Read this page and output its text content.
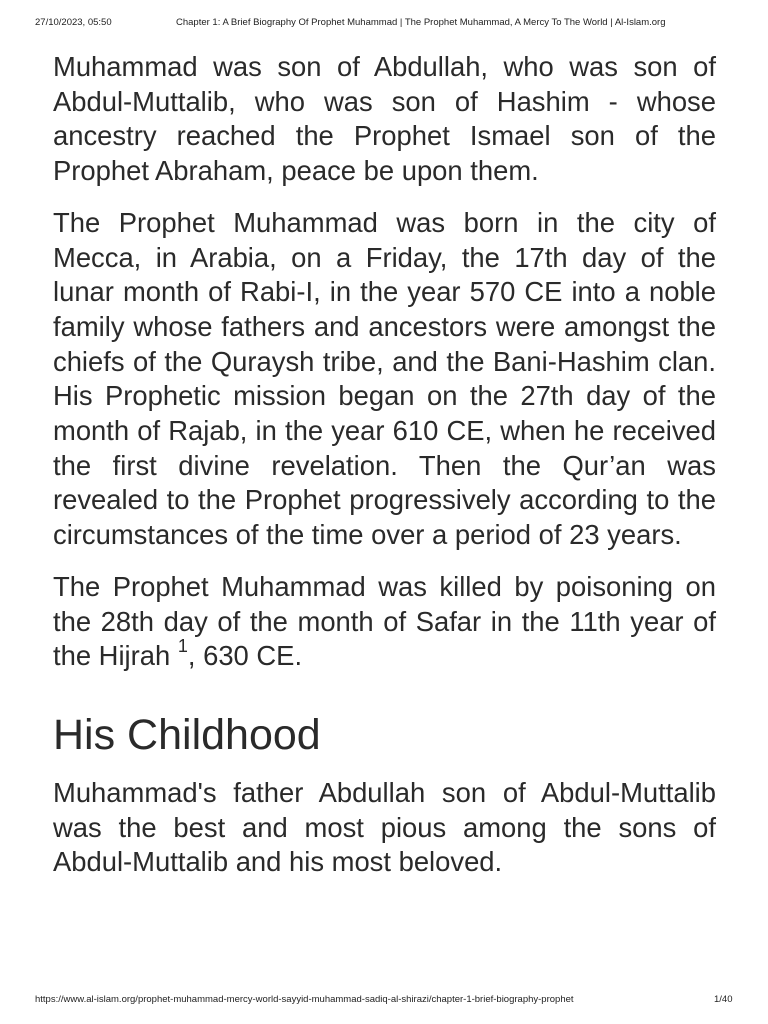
27/10/2023, 05:50	Chapter 1: A Brief Biography Of Prophet Muhammad | The Prophet Muhammad, A Mercy To The World | Al-Islam.org

Muhammad was son of Abdullah, who was son of Abdul-Muttalib, who was son of Hashim - whose ancestry reached the Prophet Ismael son of the Prophet Abraham, peace be upon them.

The Prophet Muhammad was born in the city of Mecca, in Arabia, on a Friday, the 17th day of the lunar month of Rabi-I, in the year 570 CE into a noble family whose fathers and ancestors were amongst the chiefs of the Quraysh tribe, and the Bani-Hashim clan. His Prophetic mission began on the 27th day of the month of Rajab, in the year 610 CE, when he received the first divine revelation. Then the Qur’an was revealed to the Prophet progressively according to the circumstances of the time over a period of 23 years.

The Prophet Muhammad was killed by poisoning on the 28th day of the month of Safar in the 11th year of the Hijrah $^1$, 630 CE.

His Childhood

Muhammad's father Abdullah son of Abdul-Muttalib was the best and most pious among the sons of Abdul-Muttalib and his most beloved.

https://www.al-islam.org/prophet-muhammad-mercy-world-sayyid-muhammad-sadiq-al-shirazi/chapter-1-brief-biography-prophet	1/40
